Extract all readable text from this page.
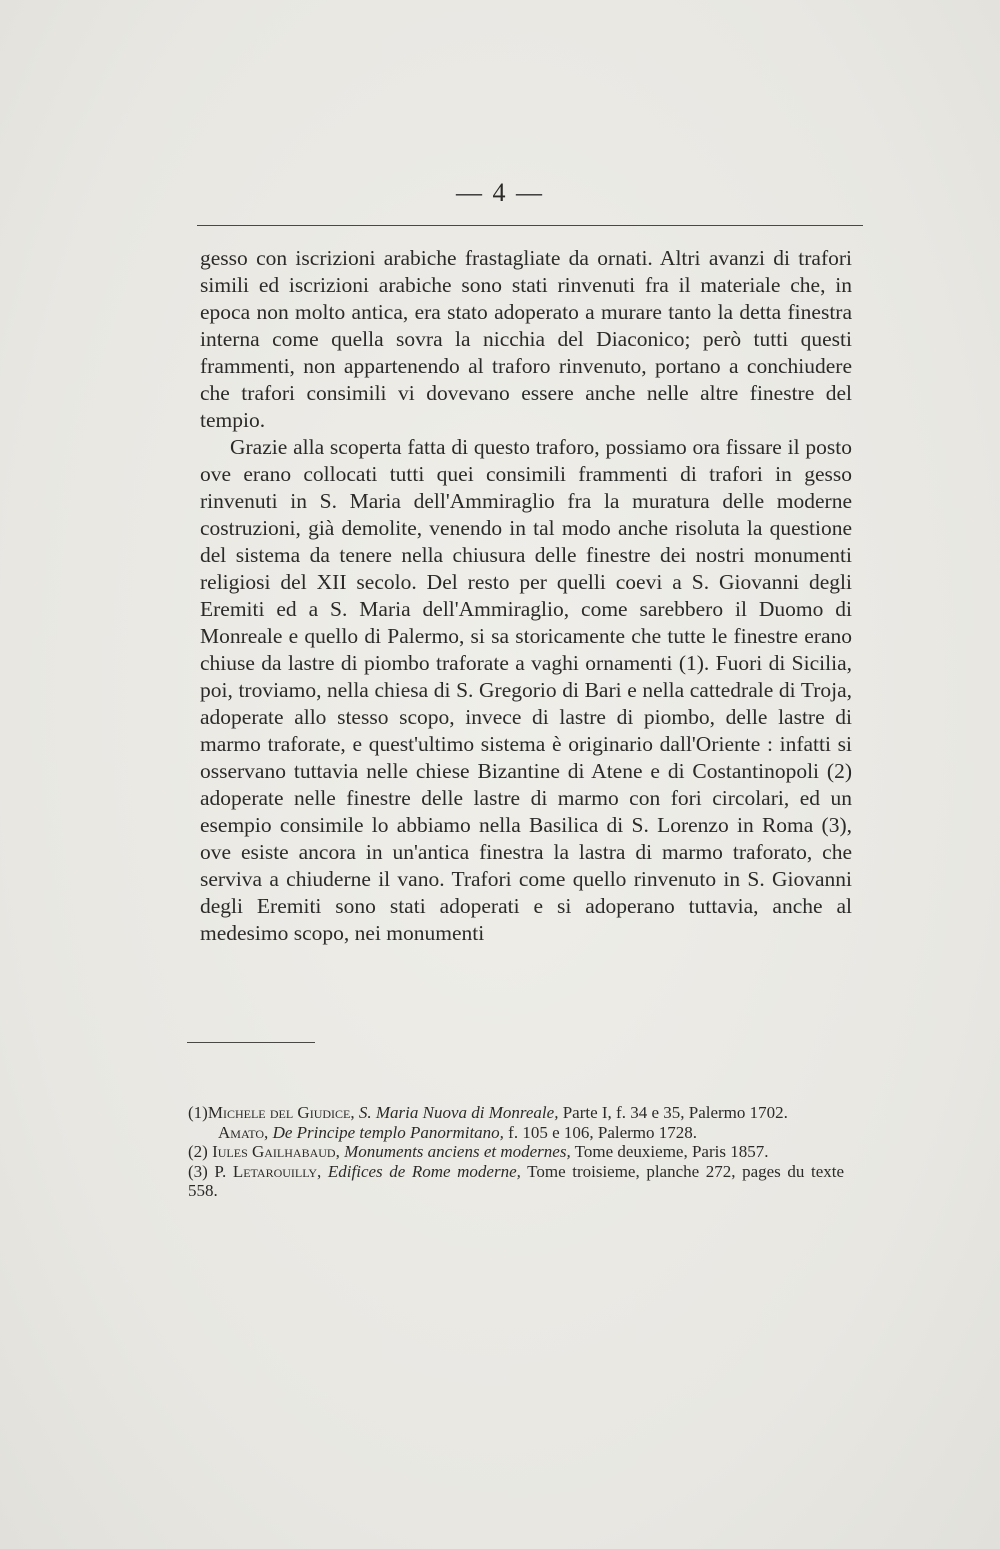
— 4 —

gesso con iscrizioni arabiche frastagliate da ornati. Altri avanzi di trafori simili ed iscrizioni arabiche sono stati rinvenuti fra il materiale che, in epoca non molto antica, era stato adoperato a murare tanto la detta finestra interna come quella sovra la nicchia del Diaconico; però tutti questi frammenti, non appartenendo al traforo rinvenuto, portano a conchiudere che trafori consimili vi dovevano essere anche nelle altre finestre del tempio.

Grazie alla scoperta fatta di questo traforo, possiamo ora fissare il posto ove erano collocati tutti quei consimili frammenti di trafori in gesso rinvenuti in S. Maria dell'Ammiraglio fra la muratura delle moderne costruzioni, già demolite, venendo in tal modo anche risoluta la questione del sistema da tenere nella chiusura delle finestre dei nostri monumenti religiosi del XII secolo. Del resto per quelli coevi a S. Giovanni degli Eremiti ed a S. Maria dell'Ammiraglio, come sarebbero il Duomo di Monreale e quello di Palermo, si sa storicamente che tutte le finestre erano chiuse da lastre di piombo traforate a vaghi ornamenti (1). Fuori di Sicilia, poi, troviamo, nella chiesa di S. Gregorio di Bari e nella cattedrale di Troja, adoperate allo stesso scopo, invece di lastre di piombo, delle lastre di marmo traforate, e quest'ultimo sistema è originario dall'Oriente : infatti si osservano tuttavia nelle chiese Bizantine di Atene e di Costantinopoli (2) adoperate nelle finestre delle lastre di marmo con fori circolari, ed un esempio consimile lo abbiamo nella Basilica di S. Lorenzo in Roma (3), ove esiste ancora in un'antica finestra la lastra di marmo traforato, che serviva a chiuderne il vano. Trafori come quello rinvenuto in S. Giovanni degli Eremiti sono stati adoperati e si adoperano tuttavia, anche al medesimo scopo, nei monumenti

(1)Michele del Giudice, S. Maria Nuova di Monreale, Parte I, f. 34 e 35, Palermo 1702.

Amato, De Principe templo Panormitano, f. 105 e 106, Palermo 1728.

(2) Iules Gailhabaud, Monuments anciens et modernes, Tome deuxieme, Paris 1857.

(3) P. Letarouilly, Edifices de Rome moderne, Tome troisieme, planche 272, pages du texte 558.
